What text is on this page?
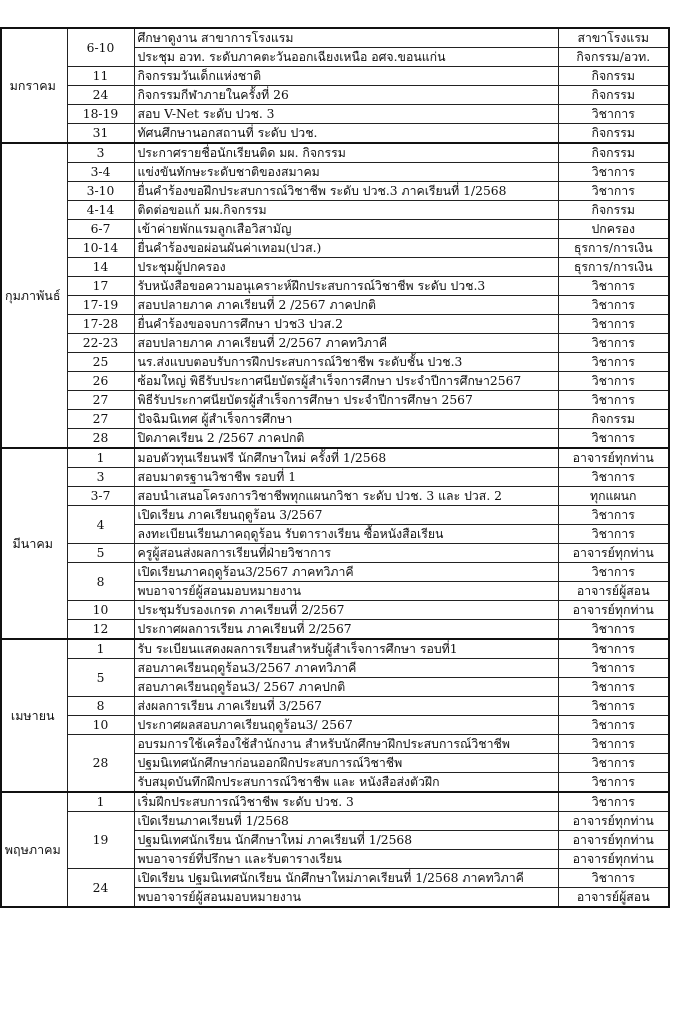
มกราคม	6-10	ศึกษาดูงาน สาขาการโรงแรม	สาขาโรงแรม
		ประชุม อวท. ระดับภาคตะวันออกเฉียงเหนือ อศจ.ขอนแก่น	กิจกรรม/อวท.
	11	กิจกรรมวันเด็กแห่งชาติ	กิจกรรม
	24	กิจกรรมกีฬาภายในครั้งที่ 26	กิจกรรม
	18-19	สอบ V-Net ระดับ ปวช. 3	วิชาการ
	31	ทัศนศึกษานอกสถานที่ ระดับ ปวช.	กิจกรรม
กุมภาพันธ์	3	ประกาศรายชื่อนักเรียนติด มผ. กิจกรรม	กิจกรรม
	3-4	แข่งขันทักษะระดับชาติของสมาคม	วิชาการ
	3-10	ยื่นคำร้องขอฝึกประสบการณ์วิชาชีพ ระดับ ปวช.3 ภาคเรียนที่ 1/2568	วิชาการ
	4-14	ติดต่อขอแก้ มผ.กิจกรรม	กิจกรรม
	6-7	เข้าค่ายพักแรมลูกเสือวิสามัญ	ปกครอง
	10-14	ยื่นคำร้องขอผ่อนผันค่าเทอม(ปวส.)	ธุรการ/การเงิน
	14	ประชุมผู้ปกครอง	ธุรการ/การเงิน
	17	รับหนังสือขอความอนุเคราะห์ฝึกประสบการณ์วิชาชีพ ระดับ ปวช.3	วิชาการ
	17-19	สอบปลายภาค ภาคเรียนที่ 2 /2567 ภาคปกติ	วิชาการ
	17-28	ยื่นคำร้องขอจบการศึกษา ปวช3 ปวส.2	วิชาการ
	22-23	สอบปลายภาค ภาคเรียนที่ 2/2567 ภาคทวิภาคี	วิชาการ
	25	นร.ส่งแบบตอบรับการฝึกประสบการณ์วิชาชีพ ระดับชั้น ปวช.3	วิชาการ
	26	ซ้อมใหญ่ พิธีรับประกาศนียบัตรผู้สำเร็จการศึกษา ประจำปีการศึกษา2567	วิชาการ
	27	พิธีรับประกาศนียบัตรผู้สำเร็จการศึกษา ประจำปีการศึกษา 2567	วิชาการ
	27	ปัจฉิมนิเทศ ผู้สำเร็จการศึกษา	กิจกรรม
	28	ปิดภาคเรียน 2 /2567 ภาคปกติ	วิชาการ
มีนาคม	1	มอบตัวทุนเรียนฟรี นักศึกษาใหม่ ครั้งที่ 1/2568	อาจารย์ทุกท่าน
	3	สอบมาตรฐานวิชาชีพ รอบที่ 1	วิชาการ
	3-7	สอบนำเสนอโครงการวิชาชีพทุกแผนกวิชา ระดับ ปวช. 3 และ ปวส. 2	ทุกแผนก
	4	เปิดเรียน ภาคเรียนฤดูร้อน 3/2567	วิชาการ
		ลงทะเบียนเรียนภาคฤดูร้อน รับตารางเรียน ซื้อหนังสือเรียน	วิชาการ
	5	ครูผู้สอนส่งผลการเรียนที่ฝ่ายวิชาการ	อาจารย์ทุกท่าน
	8	เปิดเรียนภาคฤดูร้อน3/2567 ภาคทวิภาคี	วิชาการ
		พบอาจารย์ผู้สอนมอบหมายงาน	อาจารย์ผู้สอน
	10	ประชุมรับรองเกรด ภาคเรียนที่ 2/2567	อาจารย์ทุกท่าน
	12	ประกาศผลการเรียน ภาคเรียนที่ 2/2567	วิชาการ
เมษายน	1	รับ ระเบียนแสดงผลการเรียนสำหรับผู้สำเร็จการศึกษา รอบที่1	วิชาการ
	5	สอบภาคเรียนฤดูร้อน3/2567 ภาคทวิภาคี	วิชาการ
		สอบภาคเรียนฤดูร้อน3/ 2567 ภาคปกติ	วิชาการ
	8	ส่งผลการเรียน ภาคเรียนที่ 3/2567	วิชาการ
	10	ประกาศผลสอบภาคเรียนฤดูร้อน3/ 2567	วิชาการ
	28	อบรมการใช้เครื่องใช้สำนักงาน สำหรับนักศึกษาฝึกประสบการณ์วิชาชีพ	วิชาการ
		ปฐมนิเทศนักศึกษาก่อนออกฝึกประสบการณ์วิชาชีพ	วิชาการ
		รับสมุดบันทึกฝึกประสบการณ์วิชาชีพ และ หนังสือส่งตัวฝึก	วิชาการ
พฤษภาคม	1	เริ่มฝึกประสบการณ์วิชาชีพ ระดับ ปวช. 3	วิชาการ
	19	เปิดเรียนภาคเรียนที่ 1/2568	อาจารย์ทุกท่าน
		ปฐมนิเทศนักเรียน นักศึกษาใหม่ ภาคเรียนที่ 1/2568	อาจารย์ทุกท่าน
		พบอาจารย์ที่ปรึกษา และรับตารางเรียน	อาจารย์ทุกท่าน
	24	เปิดเรียน ปฐมนิเทศนักเรียน นักศึกษาใหม่ภาคเรียนที่ 1/2568 ภาคทวิภาคี	วิชาการ
		พบอาจารย์ผู้สอนมอบหมายงาน	อาจารย์ผู้สอน
